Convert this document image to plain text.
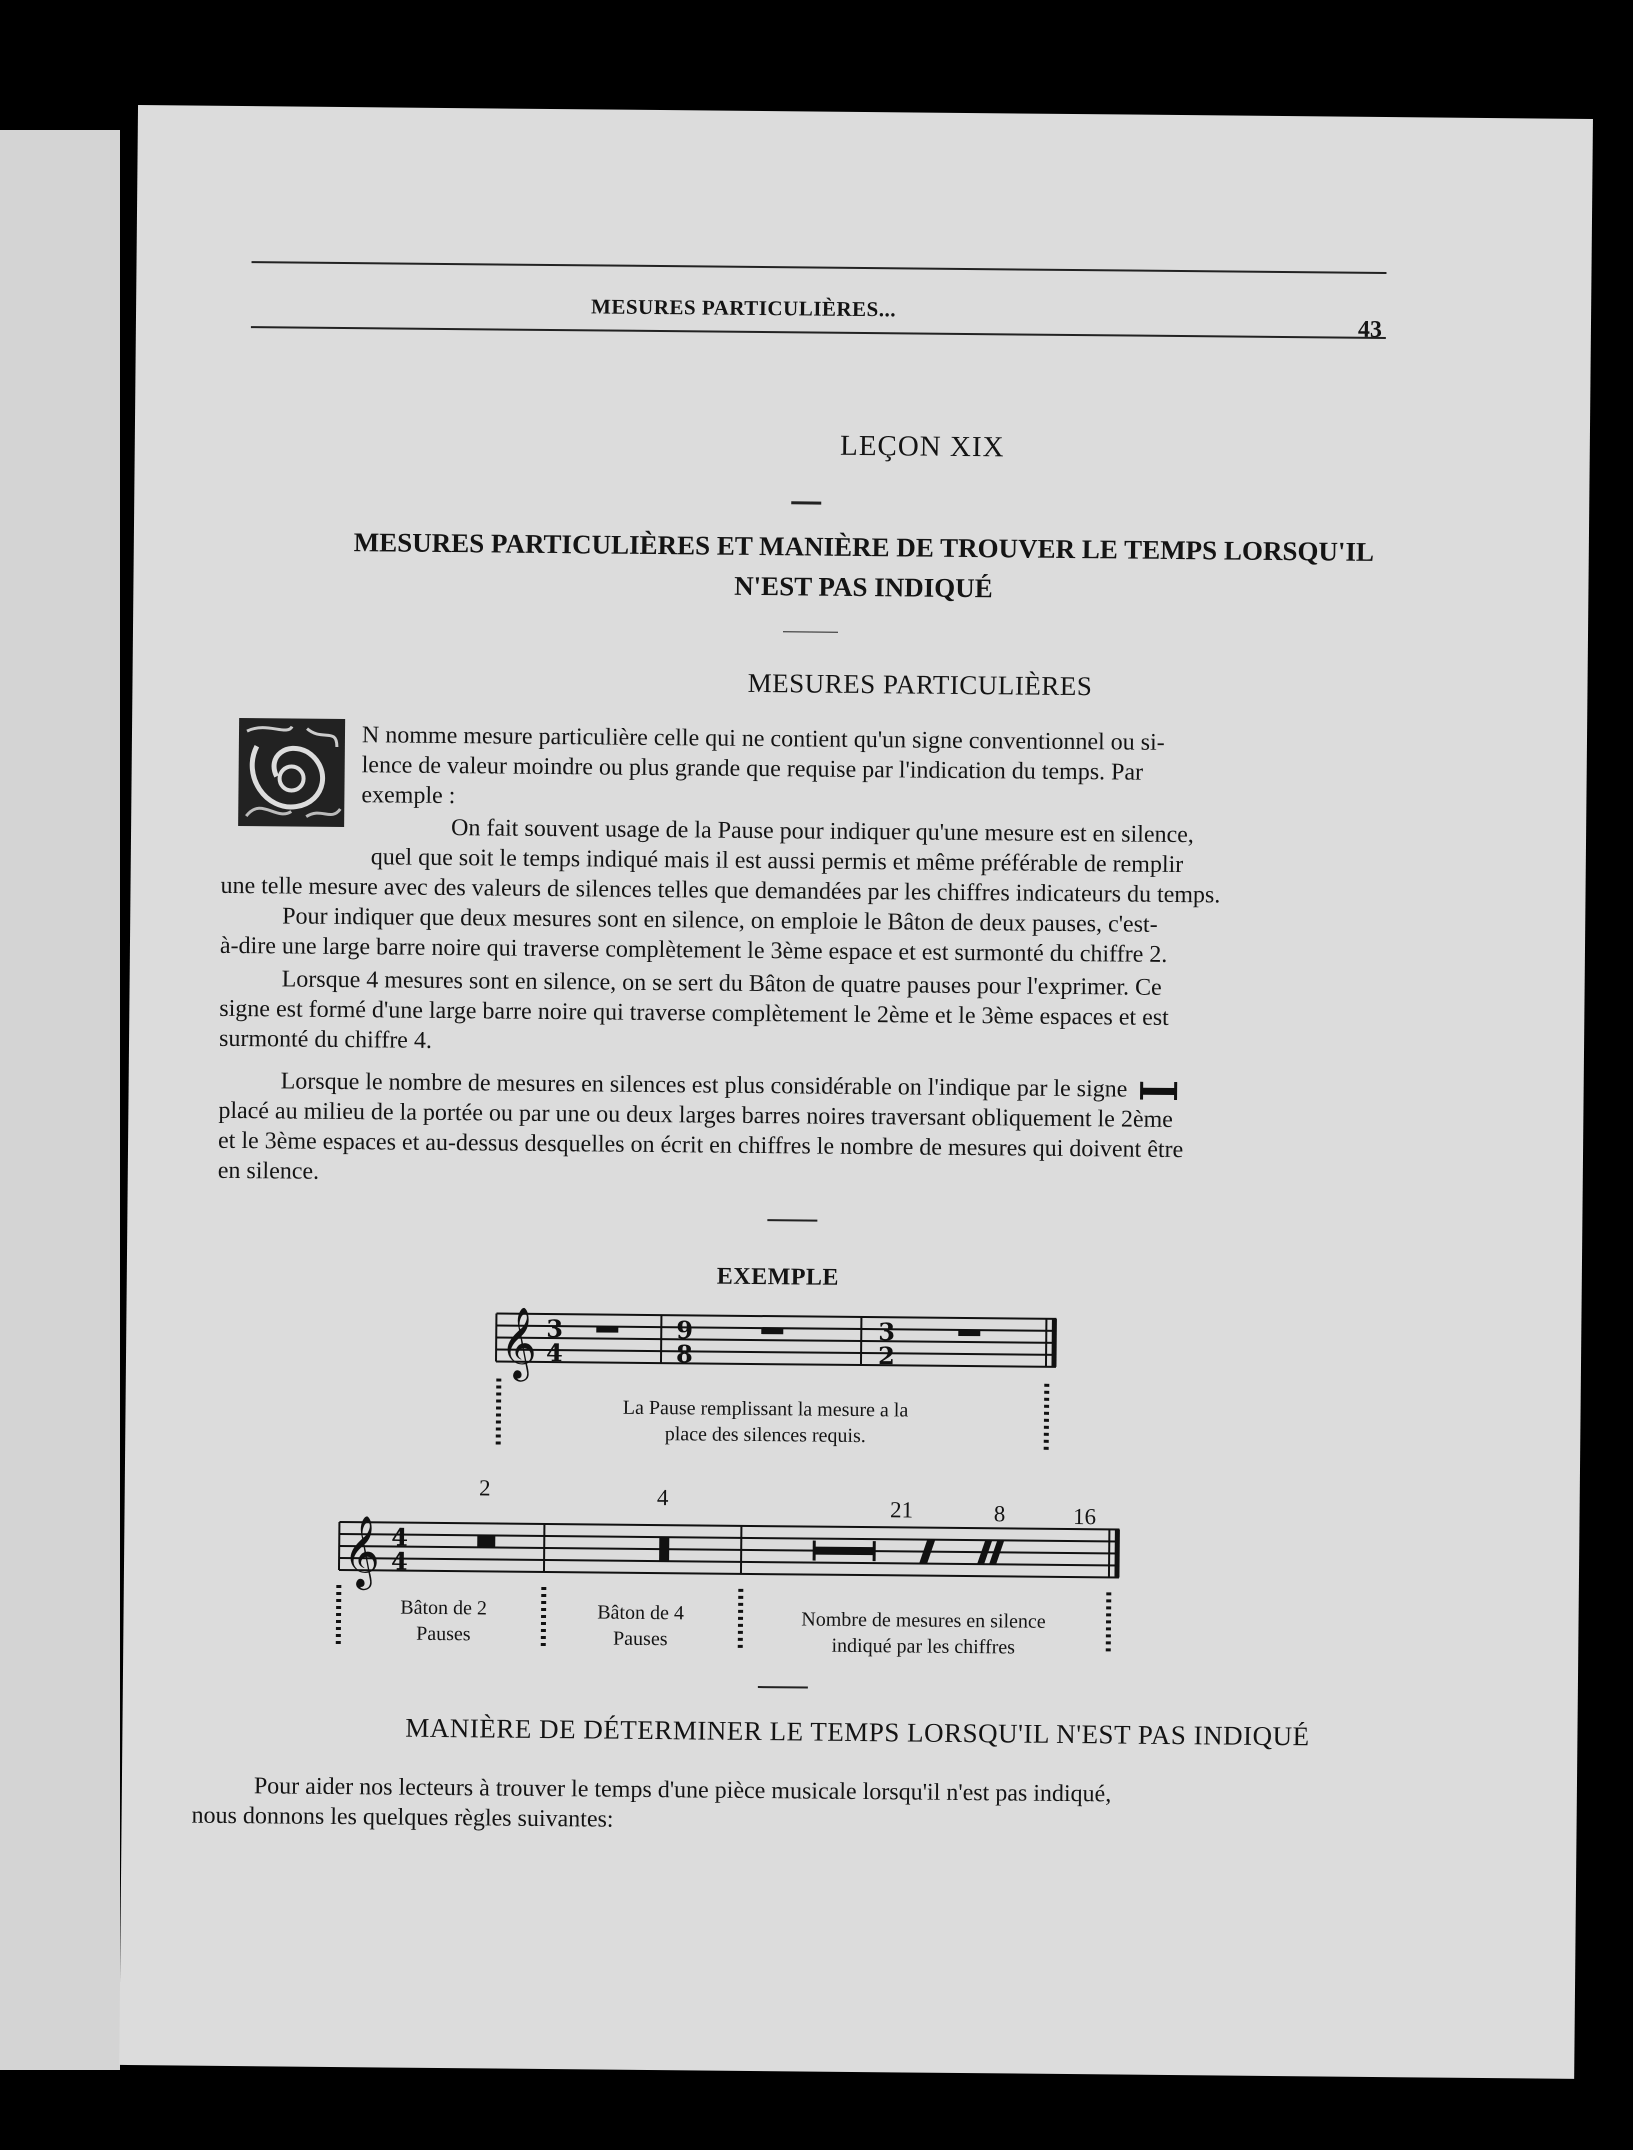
MESURES PARTICULIÈRES...
43
LEÇON XIX
MESURES PARTICULIÈRES ET MANIÈRE DE TROUVER LE TEMPS LORSQU'IL
N'EST PAS INDIQUÉ
MESURES PARTICULIÈRES
N nomme mesure particulière celle qui ne contient qu'un signe conventionnel ou si-
lence de valeur moindre ou plus grande que requise par l'indication du temps. Par
exemple :
On fait souvent usage de la Pause pour indiquer qu'une mesure est en silence,
quel que soit le temps indiqué mais il est aussi permis et même préférable de remplir
une telle mesure avec des valeurs de silences telles que demandées par les chiffres indicateurs du temps.
Pour indiquer que deux mesures sont en silence, on emploie le Bâton de deux pauses, c'est-
à-dire une large barre noire qui traverse complètement le 3ème espace et est surmonté du chiffre 2.
Lorsque 4 mesures sont en silence, on se sert du Bâton de quatre pauses pour l'exprimer. Ce
signe est formé d'une large barre noire qui traverse complètement le 2ème et le 3ème espaces et est
surmonté du chiffre 4.
Lorsque le nombre de mesures en silences est plus considérable on l'indique par le signe
placé au milieu de la portée ou par une ou deux larges barres noires traversant obliquement le 2ème
et le 3ème espaces et au-dessus desquelles on écrit en chiffres le nombre de mesures qui doivent être
en silence.
EXEMPLE
𝄞 3
4
9
8
3
2
La Pause remplissant la mesure a la
place des silences requis.
2	4	21	8	16
𝄞 4
4
Bâton de 2
Pauses
Bâton de 4
Pauses
Nombre de mesures en silence
indiqué par les chiffres
MANIÈRE DE DÉTERMINER LE TEMPS LORSQU'IL N'EST PAS INDIQUÉ
Pour aider nos lecteurs à trouver le temps d'une pièce musicale lorsqu'il n'est pas indiqué,
nous donnons les quelques règles suivantes:
